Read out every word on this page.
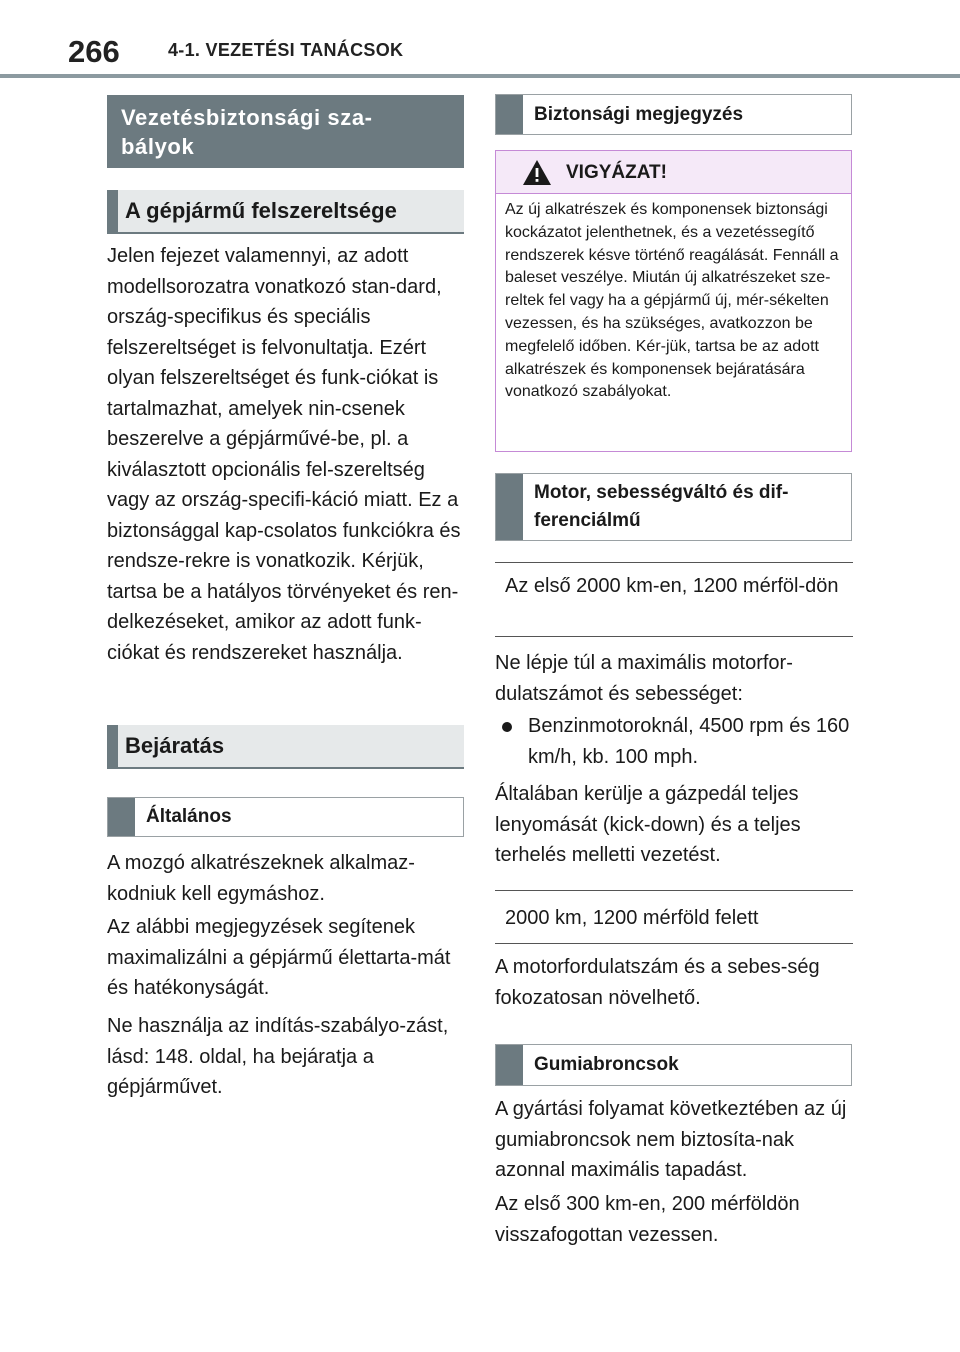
266	4-1. VEZETÉSI TANÁCSOK
Vezetésbiztonsági sza-
bályok
A gépjármű felszereltsége

Jelen fejezet valamennyi, az adott modellsorozatra vonatkozó stan-dard, ország-specifikus és speciális felszereltséget is felvonultatja. Ezért olyan felszereltséget és funk-ciókat is tartalmazhat, amelyek nin-csenek beszerelve a gépjárművé-be, pl. a kiválasztott opcionális fel-szereltség vagy az ország-specifi-káció miatt. Ez a biztonsággal kap-csolatos funkciókra és rendsze-rekre is vonatkozik. Kérjük, tartsa be a hatályos törvényeket és ren-delkezéseket, amikor az adott funk-ciókat és rendszereket használja.

Bejáratás
Általános

A mozgó alkatrészeknek alkalmaz-kodniuk kell egymáshoz.

Az alábbi megjegyzések segítenek maximalizálni a gépjármű élettarta-mát és hatékonyságát.

Ne használja az indítás-szabályo-zást, lásd: 148. oldal, ha bejáratja a gépjárművet.

Biztonsági megjegyzés
VIGYÁZAT!
Az új alkatrészek és komponensek biztonsági kockázatot jelenthetnek, és a vezetéssegítő rendszerek késve történő reagálását. Fennáll a baleset veszélye. Miután új alkatrészeket sze-reltek fel vagy ha a gépjármű új, mér-sékelten vezessen, és ha szükséges, avatkozzon be megfelelő időben. Kér-jük, tartsa be az adott alkatrészek és komponensek bejáratására vonatkozó szabályokat.
Motor, sebességváltó és dif-ferenciálmű
Az első 2000 km-en, 1200 mérföl-dön

Ne lépje túl a maximális motorfor-dulatszámot és sebességet:

Benzinmotoroknál, 4500 rpm és 160 km/h, kb. 100 mph.

Általában kerülje a gázpedál teljes lenyomását (kick-down) és a teljes terhelés melletti vezetést.

2000 km, 1200 mérföld felett

A motorfordulatszám és a sebes-ség fokozatosan növelhető.

Gumiabroncsok

A gyártási folyamat következtében az új gumiabroncsok nem biztosíta-nak azonnal maximális tapadást.

Az első 300 km-en, 200 mérföldön visszafogottan vezessen.
